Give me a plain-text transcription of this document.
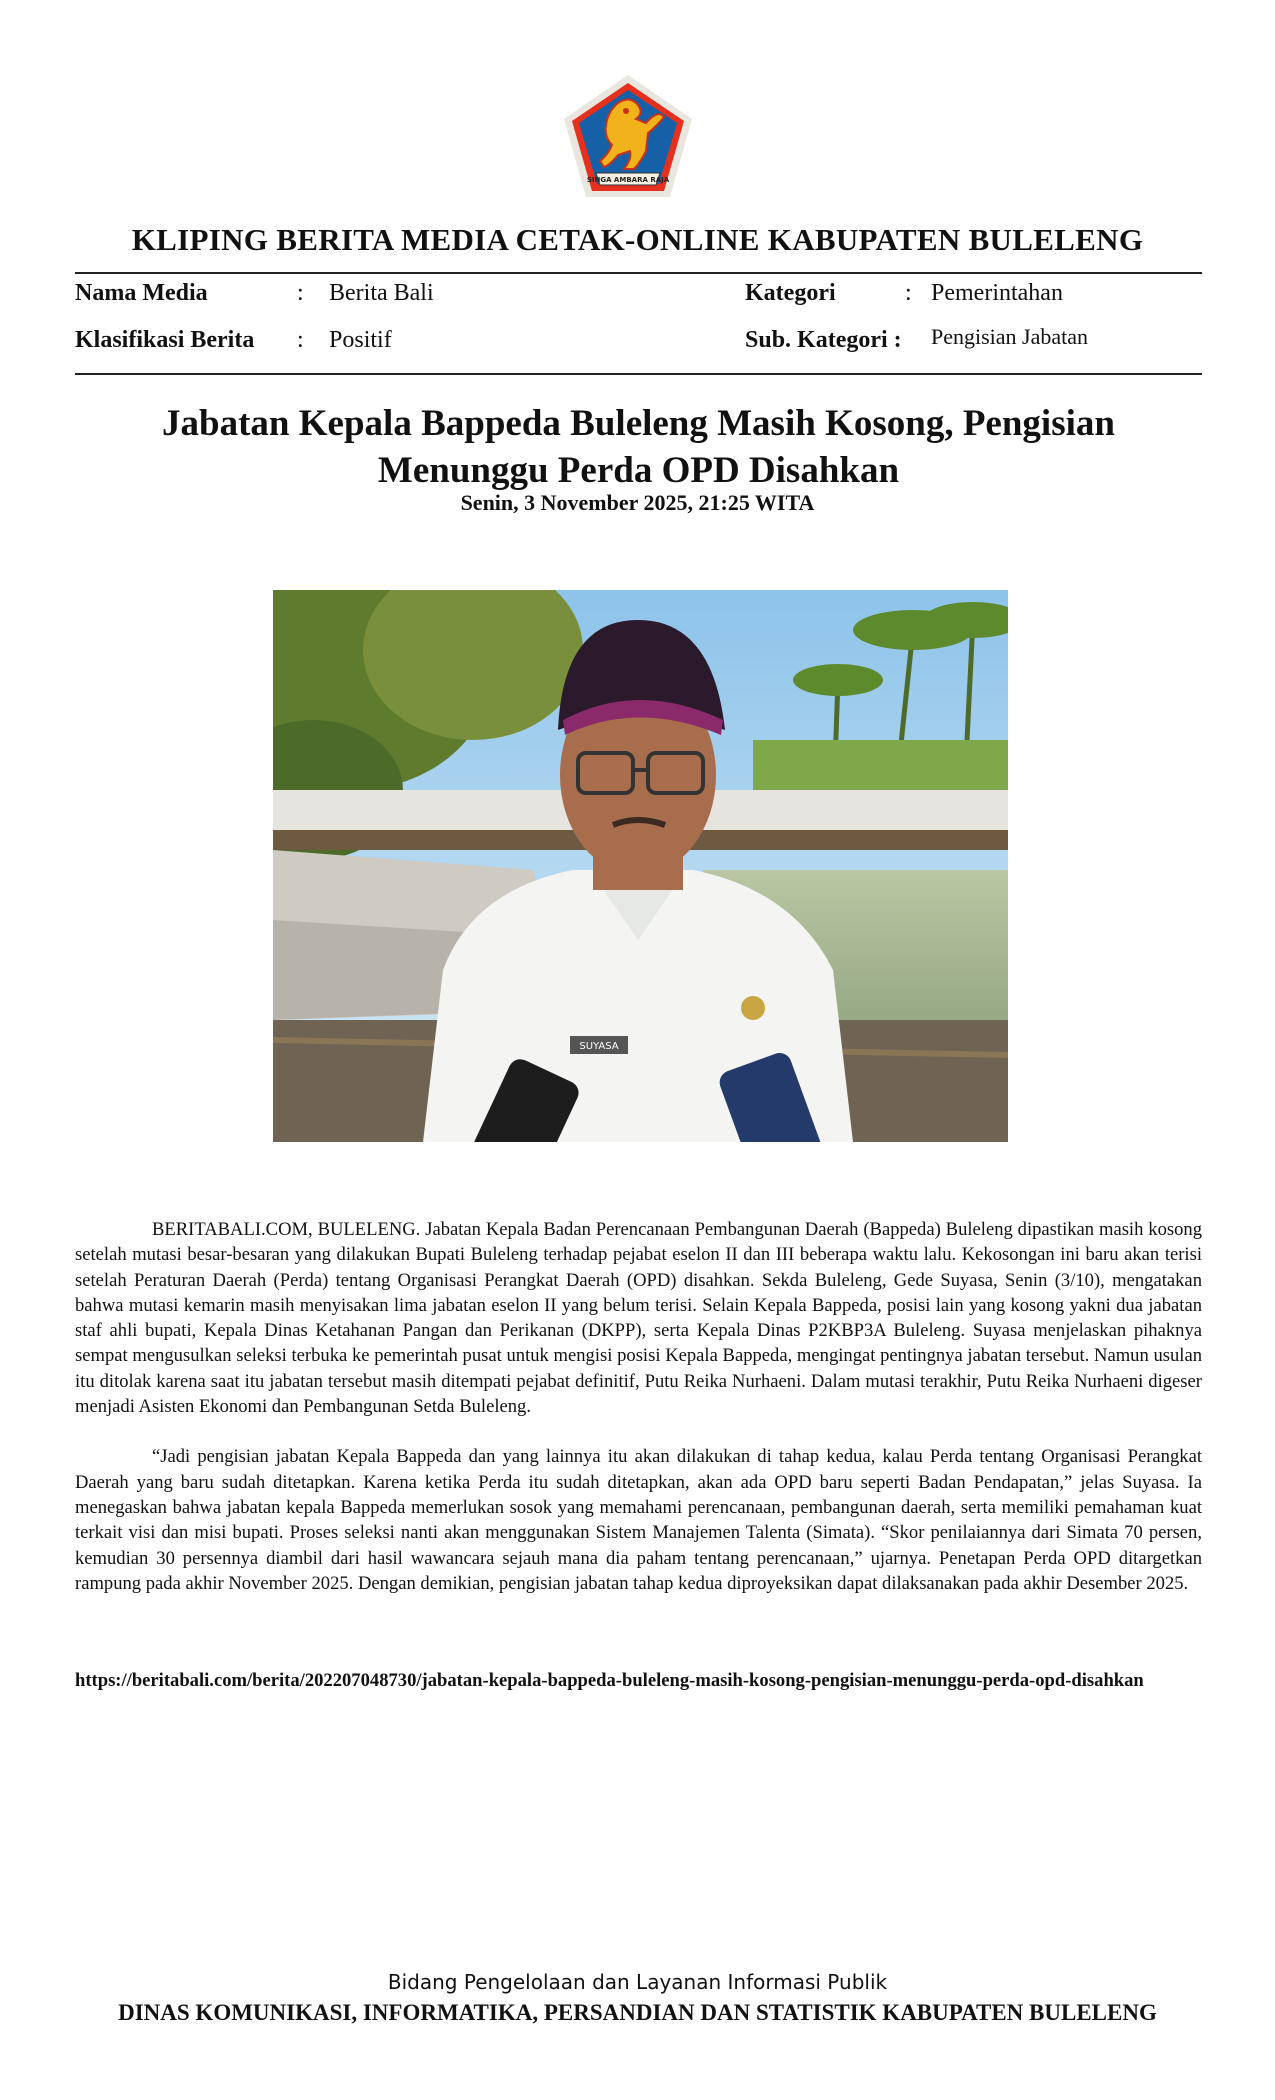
SINGA AMBARA RAJA
KLIPING BERITA MEDIA CETAK-ONLINE KABUPATEN BULELENG
Nama Media	: Berita Bali
Klasifikasi Berita : Positif
Kategori	: Pemerintahan
Sub. Kategori : Pengisian Jabatan
Jabatan Kepala Bappeda Buleleng Masih Kosong, Pengisian Menunggu Perda OPD Disahkan
Senin, 3 November 2025, 21:25 WITA
SUYASA

BERITABALI.COM, BULELENG. Jabatan Kepala Badan Perencanaan Pembangunan Daerah (Bappeda) Buleleng dipastikan masih kosong setelah mutasi besar-besaran yang dilakukan Bupati Buleleng terhadap pejabat eselon II dan III beberapa waktu lalu. Kekosongan ini baru akan terisi setelah Peraturan Daerah (Perda) tentang Organisasi Perangkat Daerah (OPD) disahkan. Sekda Buleleng, Gede Suyasa, Senin (3/10), mengatakan bahwa mutasi kemarin masih menyisakan lima jabatan eselon II yang belum terisi. Selain Kepala Bappeda, posisi lain yang kosong yakni dua jabatan staf ahli bupati, Kepala Dinas Ketahanan Pangan dan Perikanan (DKPP), serta Kepala Dinas P2KBP3A Buleleng. Suyasa menjelaskan pihaknya sempat mengusulkan seleksi terbuka ke pemerintah pusat untuk mengisi posisi Kepala Bappeda, mengingat pentingnya jabatan tersebut. Namun usulan itu ditolak karena saat itu jabatan tersebut masih ditempati pejabat definitif, Putu Reika Nurhaeni. Dalam mutasi terakhir, Putu Reika Nurhaeni digeser menjadi Asisten Ekonomi dan Pembangunan Setda Buleleng.

“Jadi pengisian jabatan Kepala Bappeda dan yang lainnya itu akan dilakukan di tahap kedua, kalau Perda tentang Organisasi Perangkat Daerah yang baru sudah ditetapkan. Karena ketika Perda itu sudah ditetapkan, akan ada OPD baru seperti Badan Pendapatan,” jelas Suyasa. Ia menegaskan bahwa jabatan kepala Bappeda memerlukan sosok yang memahami perencanaan, pembangunan daerah, serta memiliki pemahaman kuat terkait visi dan misi bupati. Proses seleksi nanti akan menggunakan Sistem Manajemen Talenta (Simata). “Skor penilaiannya dari Simata 70 persen, kemudian 30 persennya diambil dari hasil wawancara sejauh mana dia paham tentang perencanaan,” ujarnya. Penetapan Perda OPD ditargetkan rampung pada akhir November 2025. Dengan demikian, pengisian jabatan tahap kedua diproyeksikan dapat dilaksanakan pada akhir Desember 2025.

https://beritabali.com/berita/202207048730/jabatan-kepala-bappeda-buleleng-masih-kosong-pengisian-menunggu-perda-opd-disahkan
Bidang Pengelolaan dan Layanan Informasi Publik
DINAS KOMUNIKASI, INFORMATIKA, PERSANDIAN DAN STATISTIK KABUPATEN BULELENG
